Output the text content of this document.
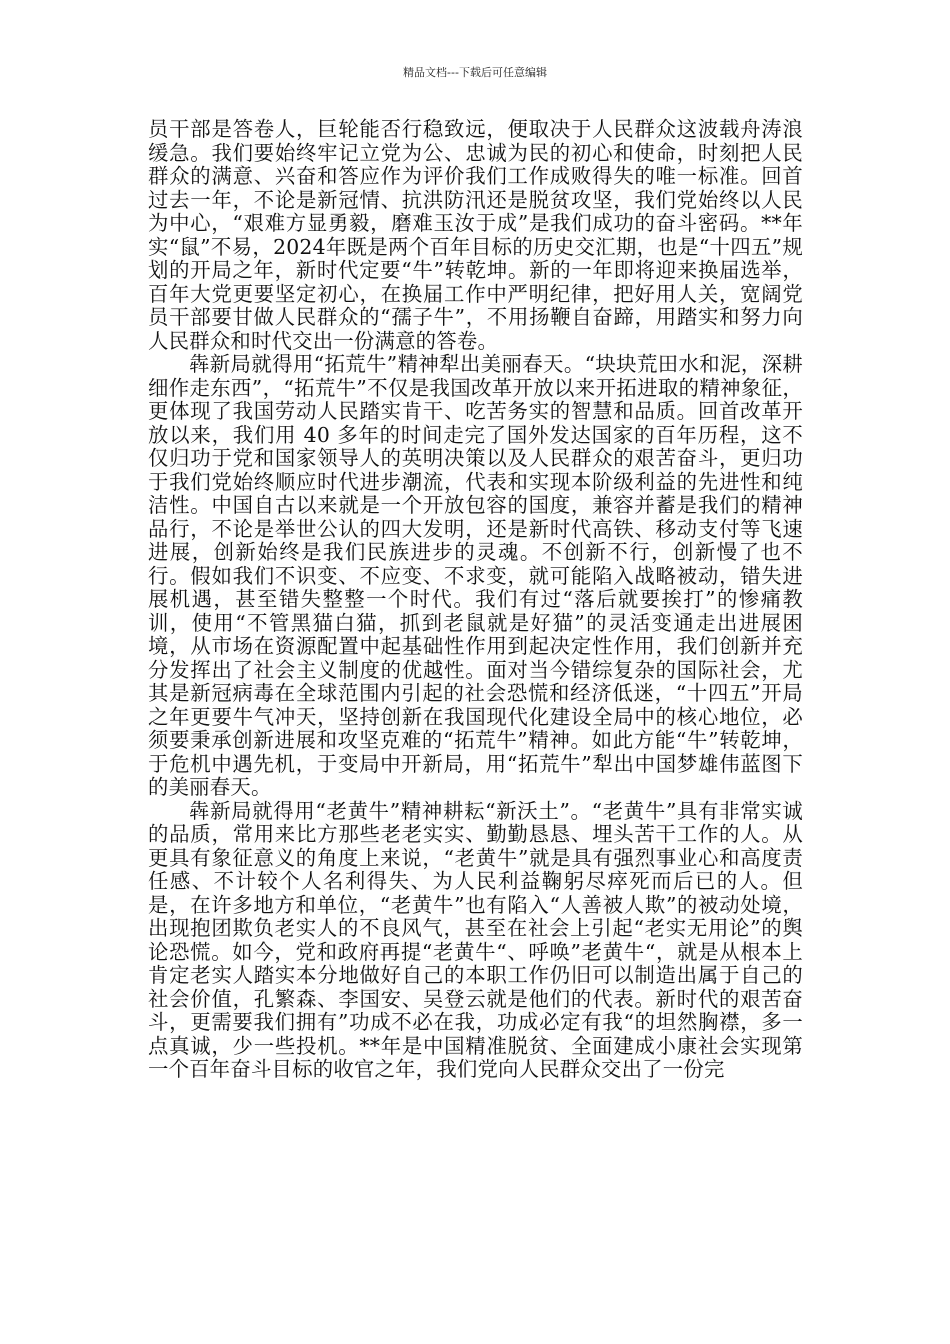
精品文档---下载后可任意编辑

员干部是答卷人，巨轮能否行稳致远，便取决于人民群众这波载舟涛浪缓急。我们要始终牢记立党为公、忠诚为民的初心和使命，时刻把人民群众的满意、兴奋和答应作为评价我们工作成败得失的唯一标准。回首过去一年，不论是新冠情、抗洪防汛还是脱贫攻坚，我们党始终以人民为中心，“艰难方显勇毅，磨难玉汝于成”是我们成功的奋斗密码。**年实“鼠”不易，2024年既是两个百年目标的历史交汇期，也是“十四五”规划的开局之年，新时代定要“牛”转乾坤。新的一年即将迎来换届选举，百年大党更要坚定初心，在换届工作中严明纪律，把好用人关，宽阔党员干部要甘做人民群众的“孺子牛”，不用扬鞭自奋蹄，用踏实和努力向人民群众和时代交出一份满意的答卷。

犇新局就得用“拓荒牛”精神犁出美丽春天。“块块荒田水和泥，深耕细作走东西”，“拓荒牛”不仅是我国改革开放以来开拓进取的精神象征，更体现了我国劳动人民踏实肯干、吃苦务实的智慧和品质。回首改革开放以来，我们用 40 多年的时间走完了国外发达国家的百年历程，这不仅归功于党和国家领导人的英明决策以及人民群众的艰苦奋斗，更归功于我们党始终顺应时代进步潮流，代表和实现本阶级利益的先进性和纯洁性。中国自古以来就是一个开放包容的国度，兼容并蓄是我们的精神品行，不论是举世公认的四大发明，还是新时代高铁、移动支付等飞速进展，创新始终是我们民族进步的灵魂。不创新不行，创新慢了也不行。假如我们不识变、不应变、不求变，就可能陷入战略被动，错失进展机遇，甚至错失整整一个时代。我们有过“落后就要挨打”的惨痛教训，使用“不管黑猫白猫，抓到老鼠就是好猫”的灵活变通走出进展困境，从市场在资源配置中起基础性作用到起决定性作用，我们创新并充分发挥出了社会主义制度的优越性。面对当今错综复杂的国际社会，尤其是新冠病毒在全球范围内引起的社会恐慌和经济低迷，“十四五”开局之年更要牛气冲天，坚持创新在我国现代化建设全局中的核心地位，必须要秉承创新进展和攻坚克难的“拓荒牛”精神。如此方能“牛”转乾坤，于危机中遇先机，于变局中开新局，用“拓荒牛”犁出中国梦雄伟蓝图下的美丽春天。

犇新局就得用“老黄牛”精神耕耘“新沃土”。“老黄牛”具有非常实诚的品质，常用来比方那些老老实实、勤勤恳恳、埋头苦干工作的人。从更具有象征意义的角度上来说，“老黄牛”就是具有强烈事业心和高度责任感、不计较个人名利得失、为人民利益鞠躬尽瘁死而后已的人。但是，在许多地方和单位，“老黄牛”也有陷入“人善被人欺”的被动处境，出现抱团欺负老实人的不良风气，甚至在社会上引起“老实无用论”的舆论恐慌。如今，党和政府再提“老黄牛“、呼唤”老黄牛“，就是从根本上肯定老实人踏实本分地做好自己的本职工作仍旧可以制造出属于自己的社会价值，孔繁森、李国安、吴登云就是他们的代表。新时代的艰苦奋斗，更需要我们拥有”功成不必在我，功成必定有我“的坦然胸襟，多一点真诚，少一些投机。**年是中国精准脱贫、全面建成小康社会实现第一个百年奋斗目标的收官之年，我们党向人民群众交出了一份完
